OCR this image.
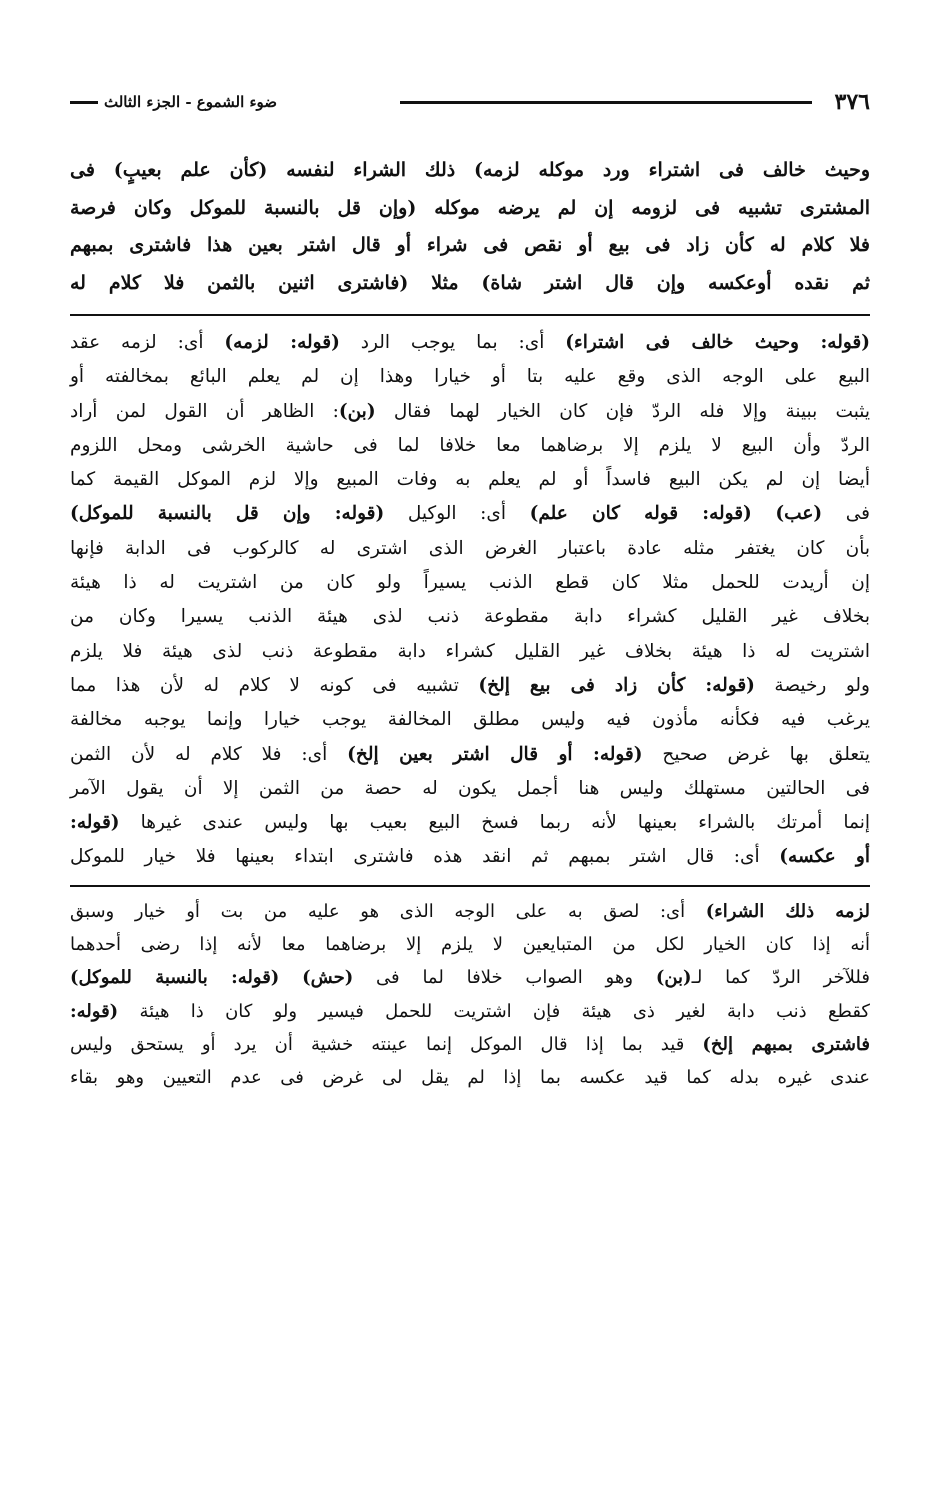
٣٧٦
ضوء الشموع - الجزء الثالث
وحيث خالف فى اشتراء ورد موكله لزمه) ذلك الشراء لنفسه (كأن علم بعيبٍ) فى
المشترى تشبيه فى لزومه إن لم يرضه موكله (وإن قل بالنسبة للموكل وكان فرصة
فلا كلام له كأن زاد فى بيع أو نقص فى شراء أو قال اشتر بعين هذا فاشترى بمبهم
ثم نقده أوعكسه وإن قال اشتر شاة) مثلا (فاشترى اثنين بالثمن فلا كلام له
(قوله: وحيث خالف فى اشتراء) أى: بما يوجب الرد (قوله: لزمه) أى: لزمه عقد
البيع على الوجه الذى وقع عليه بتا أو خيارا وهذا إن لم يعلم البائع بمخالفته أو
يثبت ببينة وإلا فله الردّ فإن كان الخيار لهما فقال (بن): الظاهر أن القول لمن أراد
الردّ وأن البيع لا يلزم إلا برضاهما معا خلافا لما فى حاشية الخرشى ومحل اللزوم
أيضا إن لم يكن البيع فاسداً أو لم يعلم به وفات المبيع وإلا لزم الموكل القيمة كما
فى (عب) (قوله: قوله كان علم) أى: الوكيل (قوله: وإن قل بالنسبة للموكل)
بأن كان يغتفر مثله عادة باعتبار الغرض الذى اشترى له كالركوب فى الدابة فإنها
إن أريدت للحمل مثلا كان قطع الذنب يسيراً ولو كان من اشتريت له ذا هيئة
بخلاف غير القليل كشراء دابة مقطوعة ذنب لذى هيئة الذنب يسيرا وكان من
اشتريت له ذا هيئة بخلاف غير القليل كشراء دابة مقطوعة ذنب لذى هيئة فلا يلزم
ولو رخيصة (قوله: كأن زاد فى بيع إلخ) تشبيه فى كونه لا كلام له لأن هذا مما
يرغب فيه فكأنه مأذون فيه وليس مطلق المخالفة يوجب خيارا وإنما يوجبه مخالفة
يتعلق بها غرض صحيح (قوله: أو قال اشتر بعين إلخ) أى: فلا كلام له لأن الثمن
فى الحالتين مستهلك وليس هنا أجمل يكون له حصة من الثمن إلا أن يقول الآمر
إنما أمرتك بالشراء بعينها لأنه ربما فسخ البيع بعيب بها وليس عندى غيرها (قوله:
أو عكسه) أى: قال اشتر بمبهم ثم انقد هذه فاشترى ابتداء بعينها فلا خيار للموكل
لزمه ذلك الشراء) أى: لصق به على الوجه الذى هو عليه من بت أو خيار وسبق
أنه إذا كان الخيار لكل من المتبايعين لا يلزم إلا برضاهما معا لأنه إذا رضى أحدهما
فللآخر الردّ كما لـ(بن) وهو الصواب خلافا لما فى (حش) (قوله: بالنسبة للموكل)
كقطع ذنب دابة لغير ذى هيئة فإن اشتريت للحمل فيسير ولو كان ذا هيئة (قوله:
فاشترى بمبهم إلخ) قيد بما إذا قال الموكل إنما عينته خشية أن يرد أو يستحق وليس
عندى غيره بدله كما قيد عكسه بما إذا لم يقل لى غرض فى عدم التعيين وهو بقاء
